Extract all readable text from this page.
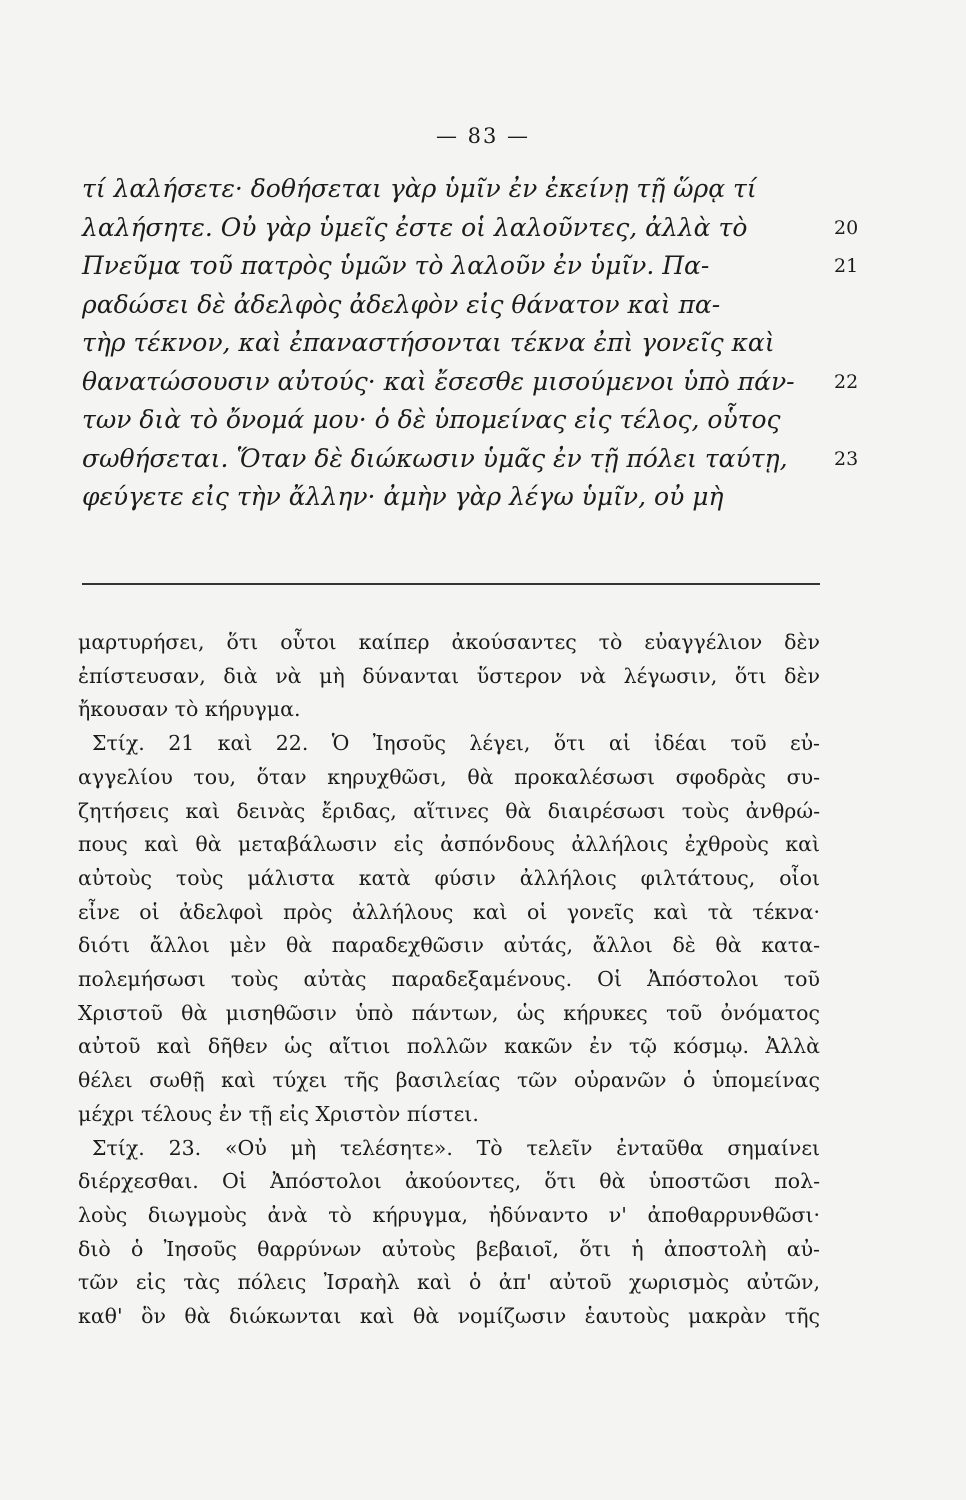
— 83 —
τί λαλήσετε· δοθήσεται γὰρ ὑμῖν ἐν ἐκείνῃ τῇ ὥρᾳ τί
λαλήσητε. Οὐ γὰρ ὑμεῖς ἐστε οἱ λαλοῦντες, ἀλλὰ τὸ	20
Πνεῦμα τοῦ πατρὸς ὑμῶν τὸ λαλοῦν ἐν ὑμῖν. Πα-	21
ραδώσει δὲ ἀδελφὸς ἀδελφὸν εἰς θάνατον καὶ πα-
τὴρ τέκνον, καὶ ἐπαναστήσονται τέκνα ἐπὶ γονεῖς καὶ
θανατώσουσιν αὐτούς· καὶ ἔσεσθε μισούμενοι ὑπὸ πάν- 22
των διὰ τὸ ὄνομά μου· ὁ δὲ ὑπομείνας εἰς τέλος, οὗτος
σωθήσεται. Ὅταν δὲ διώκωσιν ὑμᾶς ἐν τῇ πόλει ταύτῃ, 23
φεύγετε εἰς τὴν ἄλλην· ἀμὴν γὰρ λέγω ὑμῖν, οὐ μὴ
μαρτυρήσει, ὅτι οὗτοι καίπερ ἀκούσαντες τὸ εὐαγγέλιον δὲν
ἐπίστευσαν, διὰ νὰ μὴ δύνανται ὕστερον νὰ λέγωσιν, ὅτι δὲν
ἤκουσαν τὸ κήρυγμα.
Στίχ. 21 καὶ 22. Ὁ Ἰησοῦς λέγει, ὅτι αἱ ἰδέαι τοῦ εὐ-
αγγελίου του, ὅταν κηρυχθῶσι, θὰ προκαλέσωσι σφοδρὰς συ-
ζητήσεις καὶ δεινὰς ἔριδας, αἵτινες θὰ διαιρέσωσι τοὺς ἀνθρώ-
πους καὶ θὰ μεταβάλωσιν εἰς ἀσπόνδους ἀλλήλοις ἐχθροὺς καὶ
αὐτοὺς τοὺς μάλιστα κατὰ φύσιν ἀλλήλοις φιλτάτους, οἷοι
εἶνε οἱ ἀδελφοὶ πρὸς ἀλλήλους καὶ οἱ γονεῖς καὶ τὰ τέκνα·
διότι ἄλλοι μὲν θὰ παραδεχθῶσιν αὐτάς, ἄλλοι δὲ θὰ κατα-
πολεμήσωσι τοὺς αὐτὰς παραδεξαμένους. Οἱ Ἀπόστολοι τοῦ
Χριστοῦ θὰ μισηθῶσιν ὑπὸ πάντων, ὡς κήρυκες τοῦ ὀνόματος
αὐτοῦ καὶ δῆθεν ὡς αἴτιοι πολλῶν κακῶν ἐν τῷ κόσμῳ. Ἀλλὰ
θέλει σωθῇ καὶ τύχει τῆς βασιλείας τῶν οὐρανῶν ὁ ὑπομείνας
μέχρι τέλους ἐν τῇ εἰς Χριστὸν πίστει.
Στίχ. 23. «Οὐ μὴ τελέσητε». Τὸ τελεῖν ἐνταῦθα σημαίνει
διέρχεσθαι. Οἱ Ἀπόστολοι ἀκούοντες, ὅτι θὰ ὑποστῶσι πολ-
λοὺς διωγμοὺς ἀνὰ τὸ κήρυγμα, ἠδύναντο ν' ἀποθαρρυνθῶσι·
διὸ ὁ Ἰησοῦς θαρρύνων αὐτοὺς βεβαιοῖ, ὅτι ἡ ἀποστολὴ αὐ-
τῶν εἰς τὰς πόλεις Ἰσραὴλ καὶ ὁ ἀπ' αὐτοῦ χωρισμὸς αὐτῶν,
καθ' ὃν θὰ διώκωνται καὶ θὰ νομίζωσιν ἑαυτοὺς μακρὰν τῆς
